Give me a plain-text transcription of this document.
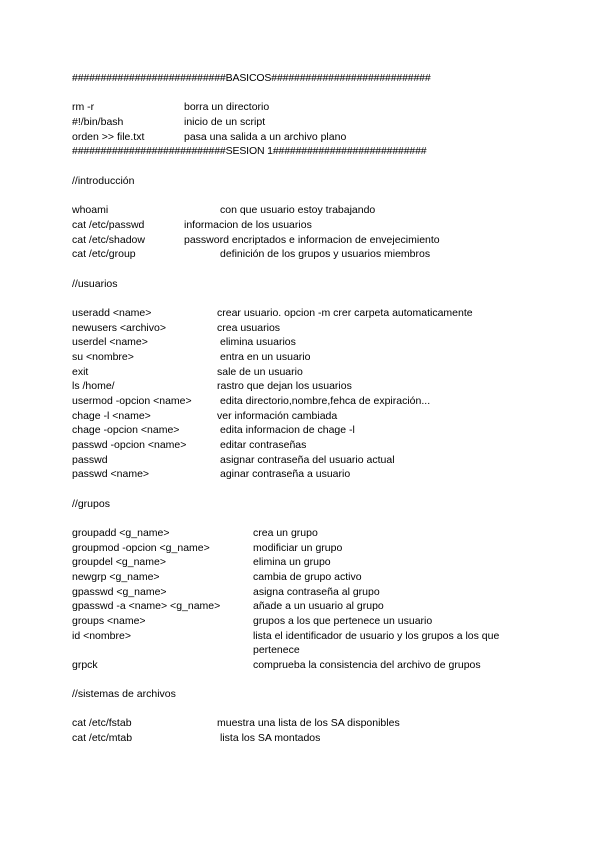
###########################BASICOS############################
rm -r	borra un directorio
#!/bin/bash	inicio de un script
orden >> file.txt	pasa una salida a un archivo plano
###########################SESION 1###########################
//introducción
whoami	con que usuario estoy trabajando
cat /etc/passwd	informacion de los usuarios
cat /etc/shadow	password encriptados e informacion de envejecimiento
cat /etc/group	definición de los grupos y usuarios miembros
//usuarios
useradd <name>	crear usuario. opcion -m crer carpeta automaticamente
newusers <archivo>	crea usuarios
userdel <name>	elimina usuarios
su <nombre>	entra en un usuario
exit	sale de un usuario
ls /home/	rastro que dejan los usuarios
usermod -opcion <name>	edita directorio,nombre,fehca de expiración...
chage -l <name>	ver información cambiada
chage -opcion <name>	edita informacion de chage -l
passwd -opcion <name>	editar contraseñas
passwd	asignar contraseña del usuario actual
passwd <name>	aginar contraseña a usuario
//grupos
groupadd <g_name>	crea un grupo
groupmod -opcion <g_name>	modificiar un grupo
groupdel <g_name>	elimina un grupo
newgrp <g_name>	cambia de grupo activo
gpasswd <g_name>	asigna contraseña al grupo
gpasswd -a <name> <g_name>	añade a un usuario al grupo
groups <name>	grupos a los que pertenece un usuario
id <nombre>	lista el identificador de usuario y los grupos a los que
pertenece
grpck	comprueba la consistencia del archivo de grupos
//sistemas de archivos
cat /etc/fstab	muestra una lista de los SA disponibles
cat /etc/mtab	lista los SA montados
